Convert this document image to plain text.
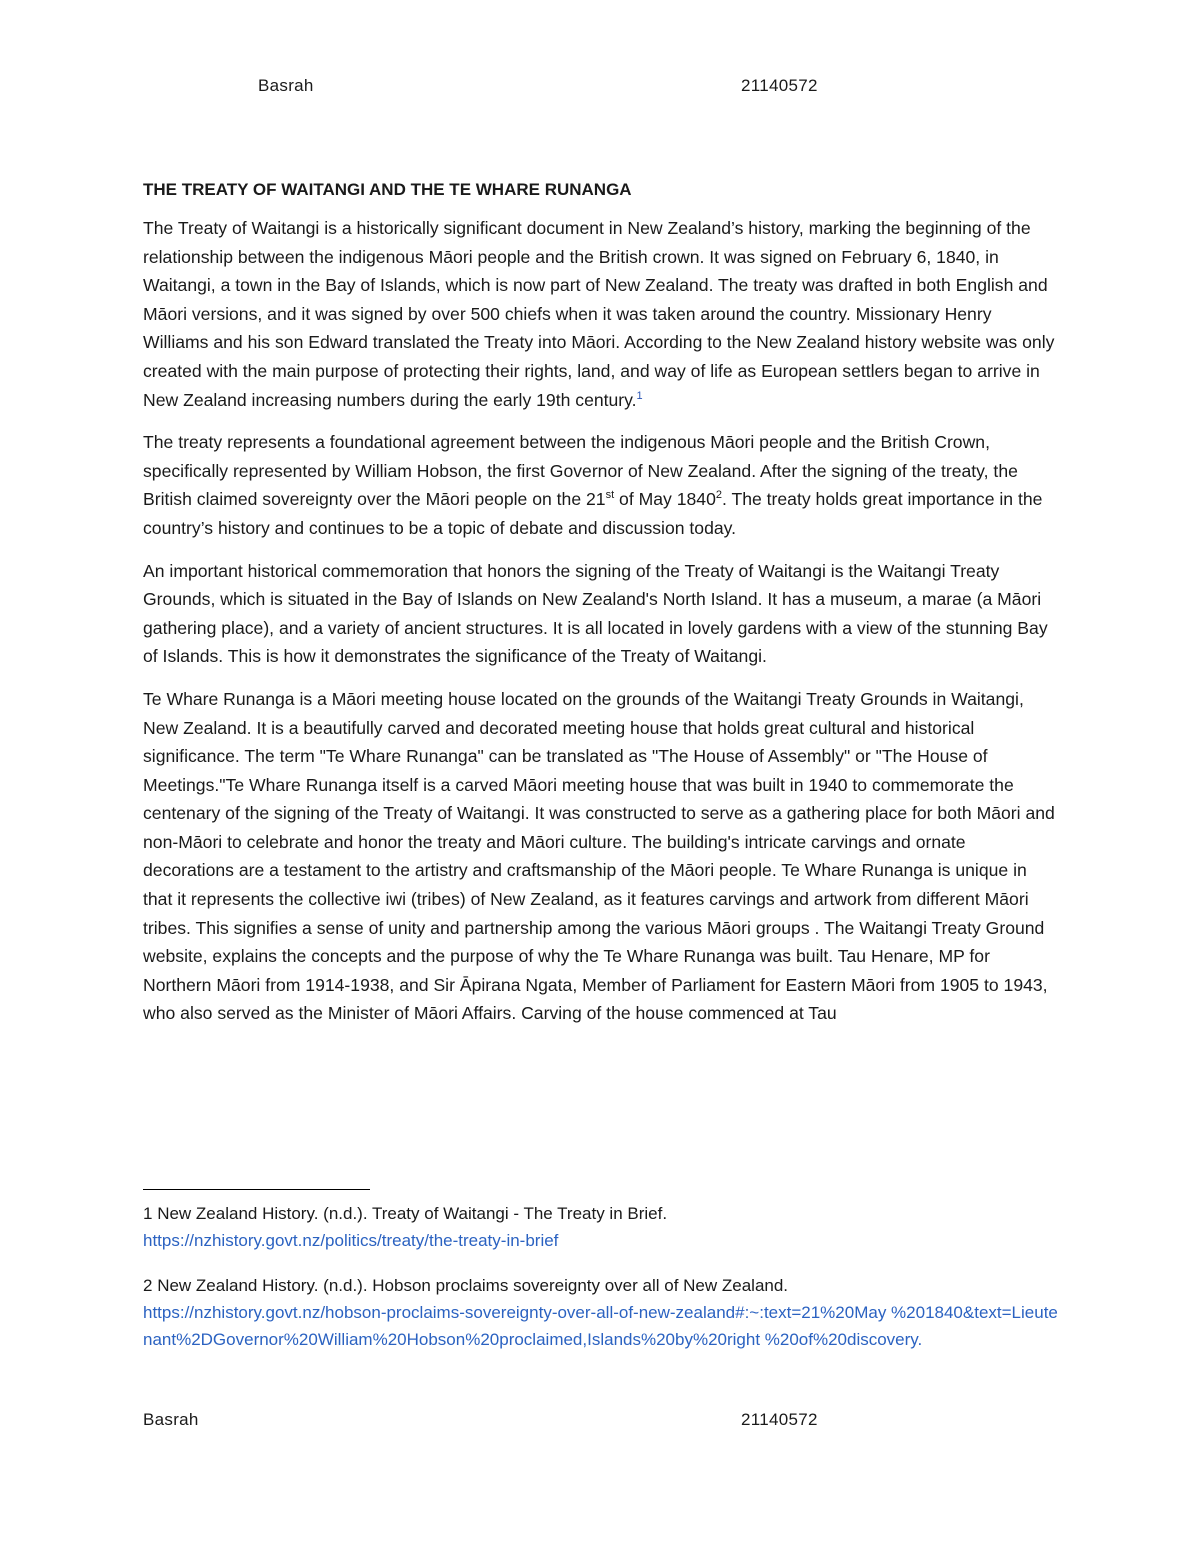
Basrah	21140572
THE TREATY OF WAITANGI AND THE TE WHARE RUNANGA

The Treaty of Waitangi is a historically significant document in New Zealand’s history, marking the beginning of the relationship between the indigenous Māori people and the British crown. It was signed on February 6, 1840, in Waitangi, a town in the Bay of Islands, which is now part of New Zealand. The treaty was drafted in both English and Māori versions, and it was signed by over 500 chiefs when it was taken around the country. Missionary Henry Williams and his son Edward translated the Treaty into Māori. According to the New Zealand history website was only created with the main purpose of protecting their rights, land, and way of life as European settlers began to arrive in New Zealand increasing numbers during the early 19th century.$^1$

The treaty represents a foundational agreement between the indigenous Māori people and the British Crown, specifically represented by William Hobson, the first Governor of New Zealand. After the signing of the treaty, the British claimed sovereignty over the Māori people on the 21st of May 1840$^2$. The treaty holds great importance in the country’s history and continues to be a topic of debate and discussion today.

An important historical commemoration that honors the signing of the Treaty of Waitangi is the Waitangi Treaty Grounds, which is situated in the Bay of Islands on New Zealand's North Island. It has a museum, a marae (a Māori gathering place), and a variety of ancient structures. It is all located in lovely gardens with a view of the stunning Bay of Islands. This is how it demonstrates the significance of the Treaty of Waitangi.

Te Whare Runanga is a Māori meeting house located on the grounds of the Waitangi Treaty Grounds in Waitangi, New Zealand. It is a beautifully carved and decorated meeting house that holds great cultural and historical significance. The term "Te Whare Runanga" can be translated as "The House of Assembly" or "The House of Meetings."Te Whare Runanga itself is a carved Māori meeting house that was built in 1940 to commemorate the centenary of the signing of the Treaty of Waitangi. It was constructed to serve as a gathering place for both Māori and non-Māori to celebrate and honor the treaty and Māori culture. The building's intricate carvings and ornate decorations are a testament to the artistry and craftsmanship of the Māori people. Te Whare Runanga is unique in that it represents the collective iwi (tribes) of New Zealand, as it features carvings and artwork from different Māori tribes. This signifies a sense of unity and partnership among the various Māori groups . The Waitangi Treaty Ground website, explains the concepts and the purpose of why the Te Whare Runanga was built. Tau Henare, MP for Northern Māori from 1914-1938, and Sir Āpirana Ngata, Member of Parliament for Eastern Māori from 1905 to 1943, who also served as the Minister of Māori Affairs. Carving of the house commenced at Tau

1 New Zealand History. (n.d.). Treaty of Waitangi - The Treaty in Brief.
https://nzhistory.govt.nz/politics/treaty/the-treaty-in-brief
2 New Zealand History. (n.d.). Hobson proclaims sovereignty over all of New Zealand.
https://nzhistory.govt.nz/hobson-proclaims-sovereignty-over-all-of-new-zealand#:~:text=21%20May %201840&text=Lieutenant%2DGovernor%20William%20Hobson%20proclaimed,Islands%20by%20right %20of%20discovery.
Basrah	21140572
